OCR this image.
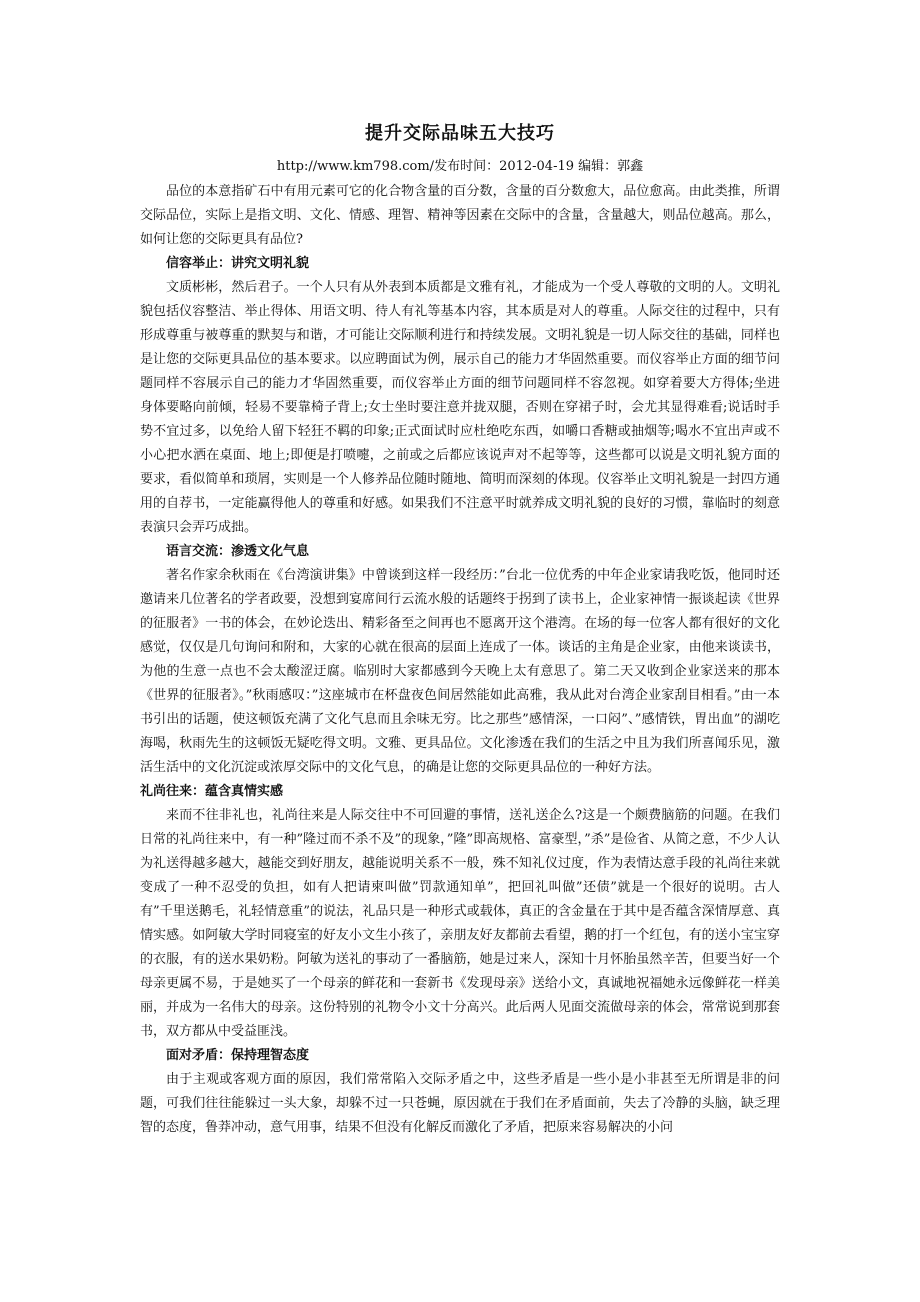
提升交际品味五大技巧
http://www.km798.com/发布时间：2012-04-19 编辑：郭鑫

品位的本意指矿石中有用元素可它的化合物含量的百分数，含量的百分数愈大，品位愈高。由此类推，所谓交际品位，实际上是指文明、文化、情感、理智、精神等因素在交际中的含量，含量越大，则品位越高。那么，如何让您的交际更具有品位?

信容举止：讲究文明礼貌

文质彬彬，然后君子。一个人只有从外表到本质都是文雅有礼，才能成为一个受人尊敬的文明的人。文明礼貌包括仪容整洁、举止得体、用语文明、待人有礼等基本内容，其本质是对人的尊重。人际交往的过程中，只有形成尊重与被尊重的默契与和谐，才可能让交际顺利进行和持续发展。文明礼貌是一切人际交往的基础，同样也是让您的交际更具品位的基本要求。以应聘面试为例，展示自己的能力才华固然重要。而仪容举止方面的细节问题同样不容展示自己的能力才华固然重要，而仪容举止方面的细节问题同样不容忽视。如穿着要大方得体;坐进身体要略向前倾，轻易不要靠椅子背上;女士坐时要注意并拢双腿，否则在穿裙子时，会尤其显得难看;说话时手势不宜过多，以免给人留下轻狂不羁的印象;正式面试时应杜绝吃东西，如嚼口香糖或抽烟等;喝水不宜出声或不小心把水洒在桌面、地上;即便是打喷嚏，之前或之后都应该说声对不起等等，这些都可以说是文明礼貌方面的要求，看似简单和琐屑，实则是一个人修养品位随时随地、简明而深刻的体现。仪容举止文明礼貌是一封四方通用的自荐书，一定能赢得他人的尊重和好感。如果我们不注意平时就养成文明礼貌的良好的习惯，靠临时的刻意表演只会弄巧成拙。

语言交流：渗透文化气息

著名作家余秋雨在《台湾演讲集》中曾谈到这样一段经历：”台北一位优秀的中年企业家请我吃饭，他同时还邀请来几位著名的学者政要，没想到宴席间行云流水般的话题终于拐到了读书上，企业家神情一振谈起读《世界的征服者》一书的体会，在妙论迭出、精彩备至之间再也不愿离开这个港湾。在场的每一位客人都有很好的文化感觉，仅仅是几句询问和附和，大家的心就在很高的层面上连成了一体。谈话的主角是企业家，由他来谈读书，为他的生意一点也不会太酸涩迂腐。临别时大家都感到今天晚上太有意思了。第二天又收到企业家送来的那本《世界的征服者》。”秋雨感叹：”这座城市在杯盘夜色间居然能如此高雅，我从此对台湾企业家刮目相看。”由一本书引出的话题，使这顿饭充满了文化气息而且余味无穷。比之那些”感情深，一口闷”、”感情铁，胃出血”的湖吃海喝，秋雨先生的这顿饭无疑吃得文明。文雅、更具品位。文化渗透在我们的生活之中且为我们所喜闻乐见，激活生活中的文化沉淀或浓厚交际中的文化气息，的确是让您的交际更具品位的一种好方法。

礼尚往来：蕴含真情实感

来而不往非礼也，礼尚往来是人际交往中不可回避的事情，送礼送企么?这是一个颇费脑筋的问题。在我们日常的礼尚往来中，有一种”隆过而不杀不及”的现象，”隆”即高规格、富豪型，”杀”是俭省、从简之意，不少人认为礼送得越多越大，越能交到好朋友，越能说明关系不一般，殊不知礼仪过度，作为表情达意手段的礼尚往来就变成了一种不忍受的负担，如有人把请柬叫做”罚款通知单”，把回礼叫做”还债”就是一个很好的说明。古人有”千里送鹅毛，礼轻情意重”的说法，礼品只是一种形式或载体，真正的含金量在于其中是否蕴含深情厚意、真情实感。如阿敏大学时同寝室的好友小文生小孩了，亲朋友好友都前去看望，鹅的打一个红包，有的送小宝宝穿的衣服，有的送水果奶粉。阿敏为送礼的事动了一番脑筋，她是过来人，深知十月怀胎虽然辛苦，但要当好一个母亲更属不易，于是她买了一个母亲的鲜花和一套新书《发现母亲》送给小文，真诚地祝福她永远像鲜花一样美丽，并成为一名伟大的母亲。这份特别的礼物令小文十分高兴。此后两人见面交流做母亲的体会，常常说到那套书，双方都从中受益匪浅。

面对矛盾：保持理智态度

由于主观或客观方面的原因，我们常常陷入交际矛盾之中，这些矛盾是一些小是小非甚至无所谓是非的问题，可我们往往能躲过一头大象，却躲不过一只苍蝇，原因就在于我们在矛盾面前，失去了冷静的头脑，缺乏理智的态度，鲁莽冲动，意气用事，结果不但没有化解反而激化了矛盾，把原来容易解决的小问
